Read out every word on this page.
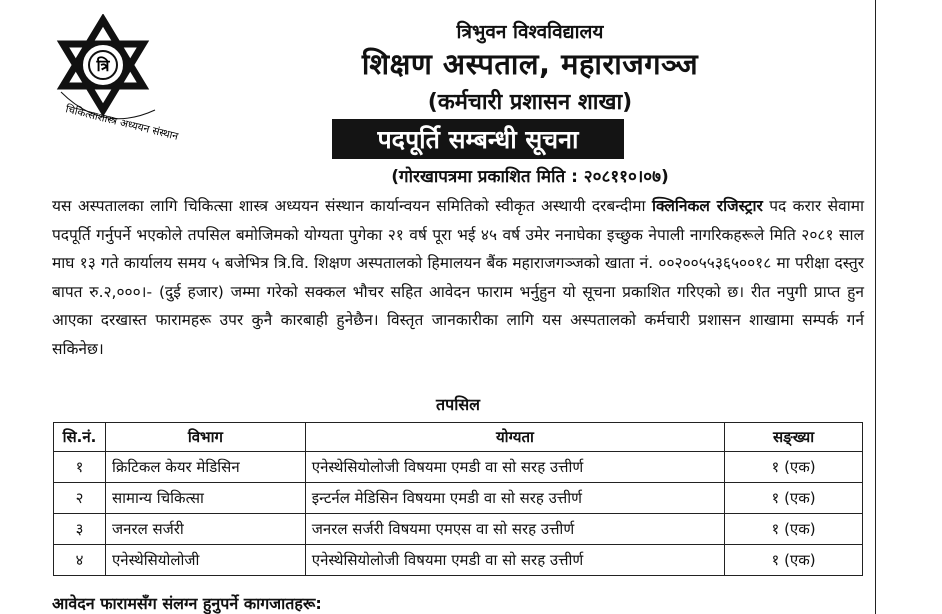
त्रि
चिकित्साशास्त्र अध्ययन संस्थान
त्रिभुवन विश्वविद्यालय
शिक्षण अस्पताल, महाराजगञ्ज
(कर्मचारी प्रशासन शाखा)
पदपूर्ति सम्बन्धी सूचना
(गोरखापत्रमा प्रकाशित मिति : २०८११०।०७)
यस अस्पतालका लागि चिकित्सा शास्त्र अध्ययन संस्थान कार्यान्वयन समितिको स्वीकृत अस्थायी दरबन्दीमा क्लिनिकल रजिस्ट्रार पद करार सेवामा पदपूर्ति गर्नुपर्ने भएकोले तपसिल बमोजिमको योग्यता पुगेका २१ वर्ष पूरा भई ४५ वर्ष उमेर ननाघेका इच्छुक नेपाली नागरिकहरूले मिति २०८१ साल माघ १३ गते कार्यालय समय ५ बजेभित्र त्रि.वि. शिक्षण अस्पतालको हिमालयन बैंक महाराजगञ्जको खाता नं. ००२००५५३६५००१८ मा परीक्षा दस्तुर बापत रु.२,०००।- (दुई हजार) जम्मा गरेको सक्कल भौचर सहित आवेदन फाराम भर्नुहुन यो सूचना प्रकाशित गरिएको छ। रीत नपुगी प्राप्त हुन आएका दरखास्त फारामहरू उपर कुनै कारबाही हुनेछैन। विस्तृत जानकारीका लागि यस अस्पतालको कर्मचारी प्रशासन शाखामा सम्पर्क गर्न सकिनेछ।
तपसिल
सि.नं.	विभाग	योग्यता	सङ्ख्या
१	क्रिटिकल केयर मेडिसिन	एनेस्थेसियोलोजी विषयमा एमडी वा सो सरह उत्तीर्ण	१ (एक)
२	सामान्य चिकित्सा	इन्टर्नल मेडिसिन विषयमा एमडी वा सो सरह उत्तीर्ण	१ (एक)
३	जनरल सर्जरी	जनरल सर्जरी विषयमा एमएस वा सो सरह उत्तीर्ण	१ (एक)
४	एनेस्थेसियोलोजी	एनेस्थेसियोलोजी विषयमा एमडी वा सो सरह उत्तीर्ण	१ (एक)
आवेदन फारामसँग संलग्न हुनुपर्ने कागजातहरू:
